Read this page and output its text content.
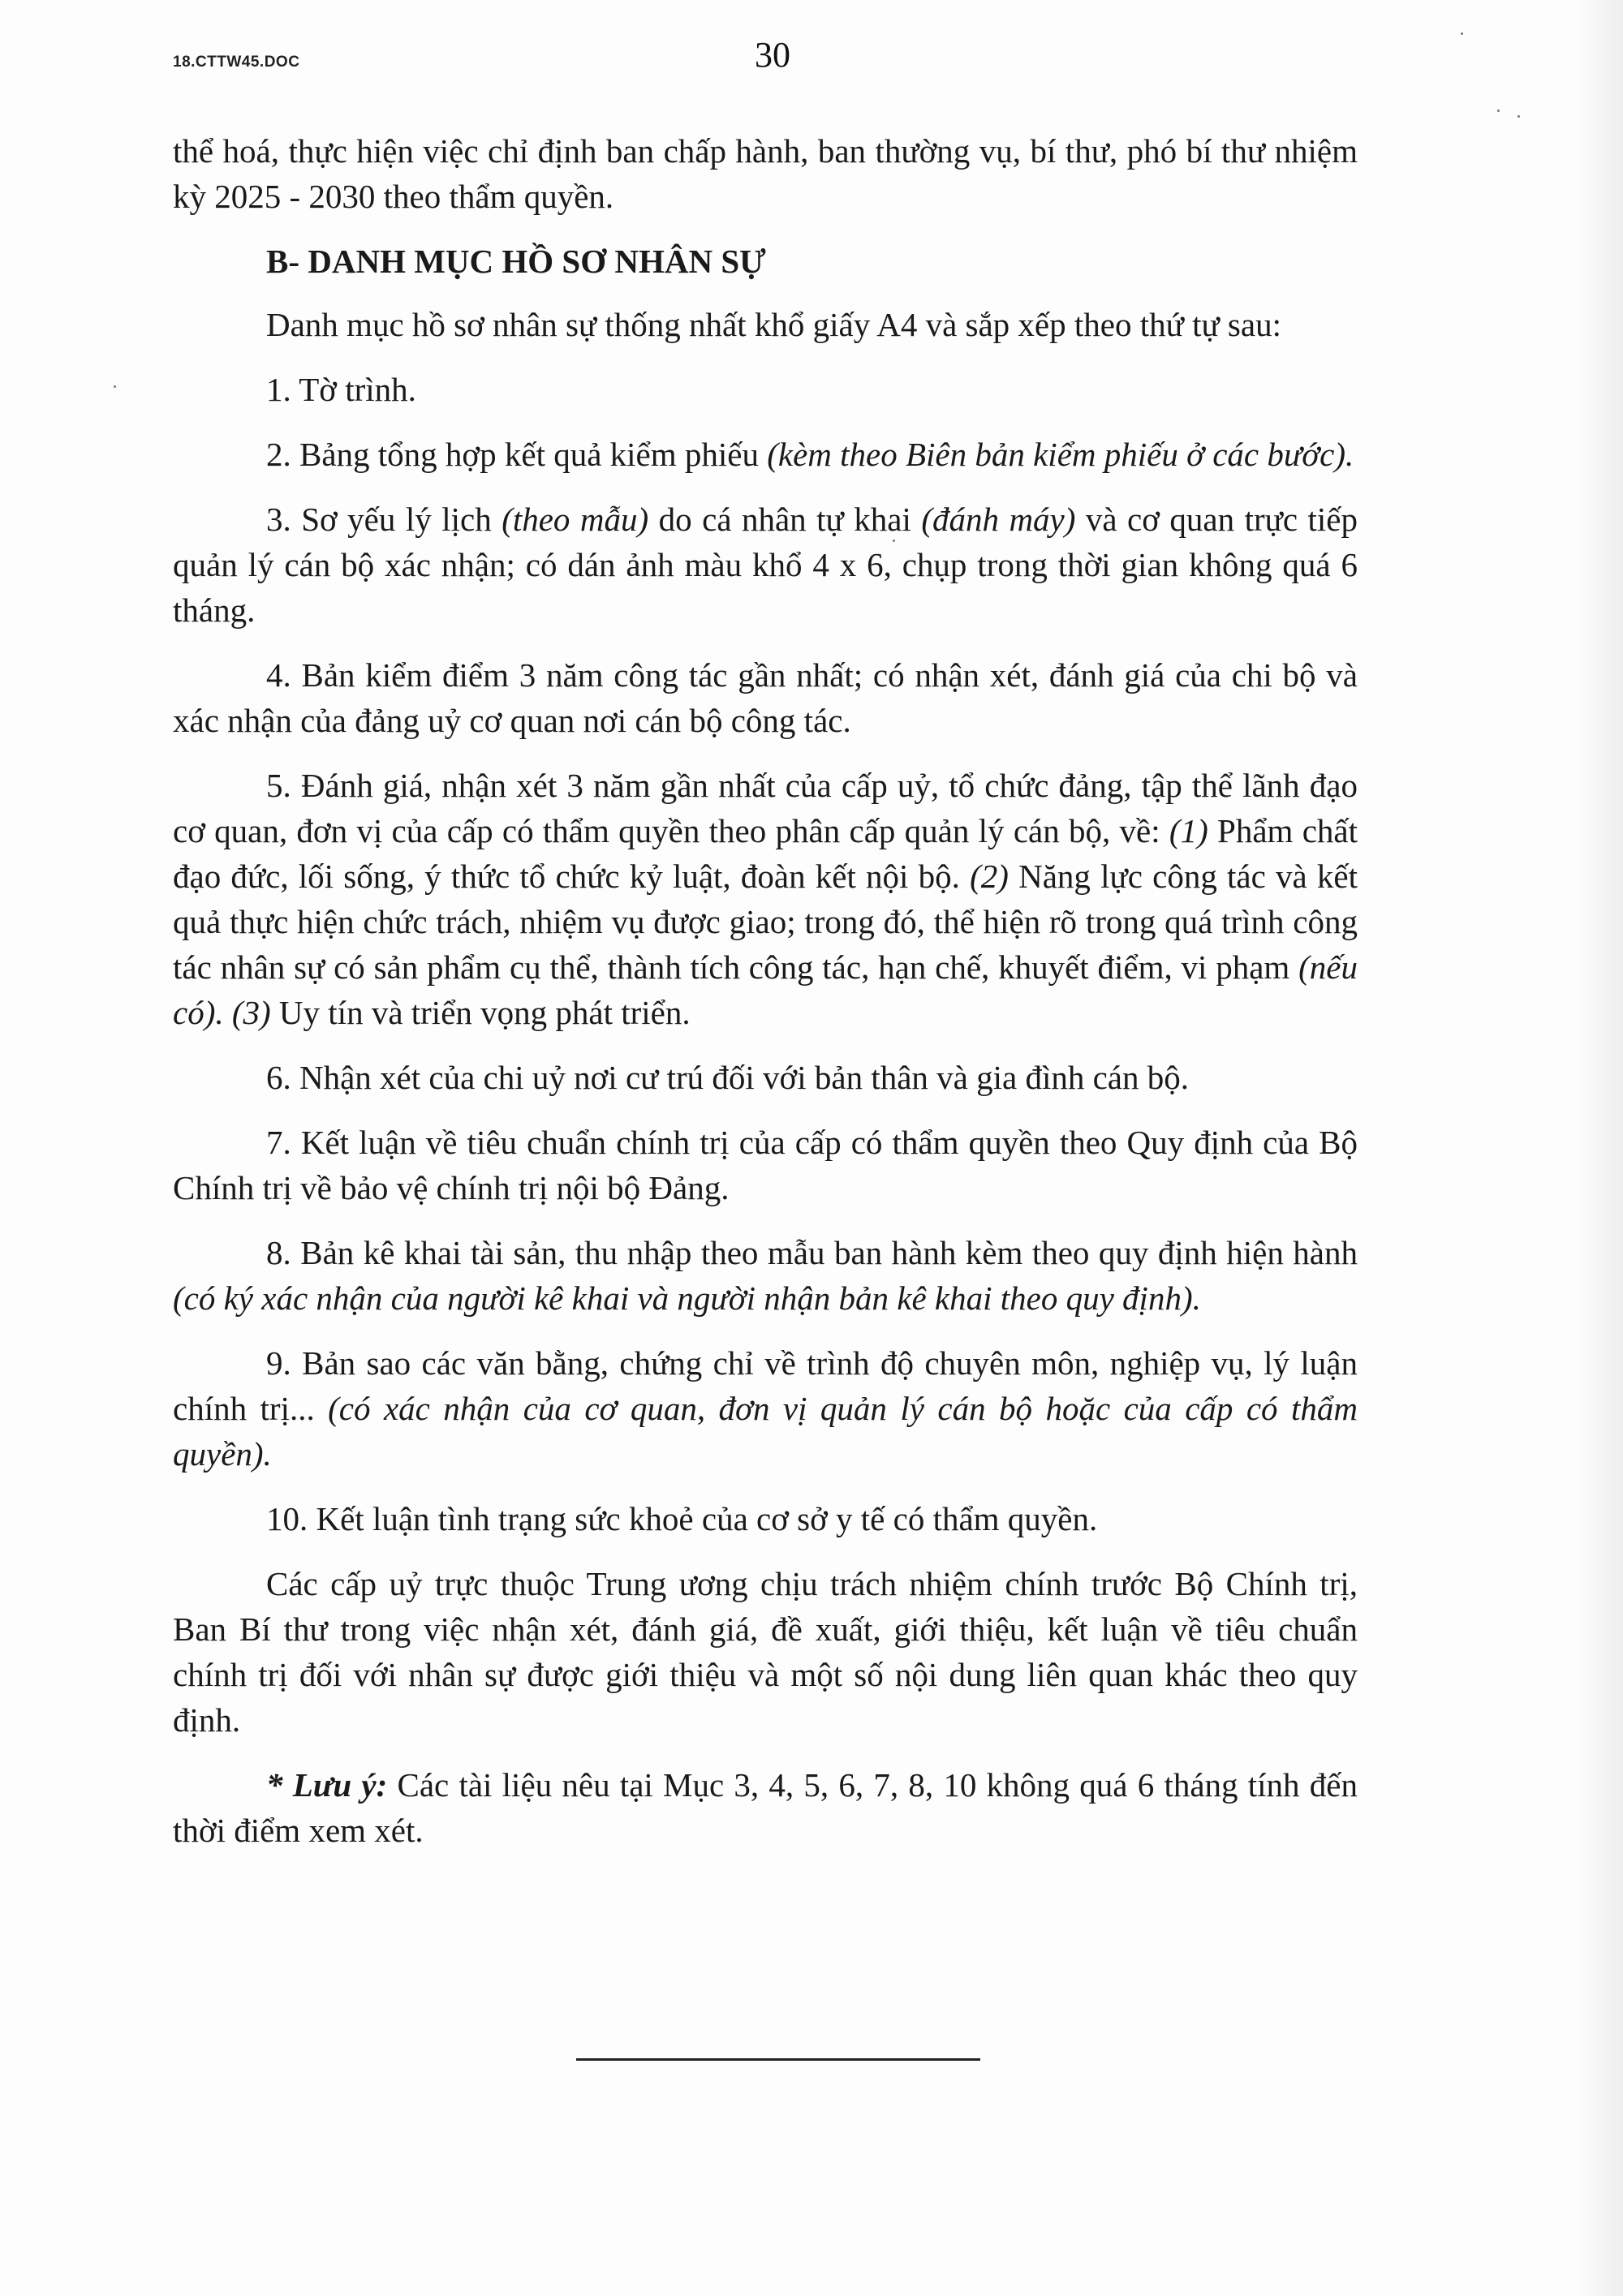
18.CTTW45.DOC	30

thể hoá, thực hiện việc chỉ định ban chấp hành, ban thường vụ, bí thư, phó bí thư nhiệm kỳ 2025 - 2030 theo thẩm quyền.

B- DANH MỤC HỒ SƠ NHÂN SỰ

Danh mục hồ sơ nhân sự thống nhất khổ giấy A4 và sắp xếp theo thứ tự sau:

1. Tờ trình.

2. Bảng tổng hợp kết quả kiểm phiếu (kèm theo Biên bản kiểm phiếu ở các bước).

3. Sơ yếu lý lịch (theo mẫu) do cá nhân tự khai (đánh máy) và cơ quan trực tiếp quản lý cán bộ xác nhận; có dán ảnh màu khổ 4 x 6, chụp trong thời gian không quá 6 tháng.

4. Bản kiểm điểm 3 năm công tác gần nhất; có nhận xét, đánh giá của chi bộ và xác nhận của đảng uỷ cơ quan nơi cán bộ công tác.

5. Đánh giá, nhận xét 3 năm gần nhất của cấp uỷ, tổ chức đảng, tập thể lãnh đạo cơ quan, đơn vị của cấp có thẩm quyền theo phân cấp quản lý cán bộ, về: (1) Phẩm chất đạo đức, lối sống, ý thức tổ chức kỷ luật, đoàn kết nội bộ. (2) Năng lực công tác và kết quả thực hiện chức trách, nhiệm vụ được giao; trong đó, thể hiện rõ trong quá trình công tác nhân sự có sản phẩm cụ thể, thành tích công tác, hạn chế, khuyết điểm, vi phạm (nếu có). (3) Uy tín và triển vọng phát triển.

6. Nhận xét của chi uỷ nơi cư trú đối với bản thân và gia đình cán bộ.

7. Kết luận về tiêu chuẩn chính trị của cấp có thẩm quyền theo Quy định của Bộ Chính trị về bảo vệ chính trị nội bộ Đảng.

8. Bản kê khai tài sản, thu nhập theo mẫu ban hành kèm theo quy định hiện hành (có ký xác nhận của người kê khai và người nhận bản kê khai theo quy định).

9. Bản sao các văn bằng, chứng chỉ về trình độ chuyên môn, nghiệp vụ, lý luận chính trị... (có xác nhận của cơ quan, đơn vị quản lý cán bộ hoặc của cấp có thẩm quyền).

10. Kết luận tình trạng sức khoẻ của cơ sở y tế có thẩm quyền.

Các cấp uỷ trực thuộc Trung ương chịu trách nhiệm chính trước Bộ Chính trị, Ban Bí thư trong việc nhận xét, đánh giá, đề xuất, giới thiệu, kết luận về tiêu chuẩn chính trị đối với nhân sự được giới thiệu và một số nội dung liên quan khác theo quy định.

* Lưu ý: Các tài liệu nêu tại Mục 3, 4, 5, 6, 7, 8, 10 không quá 6 tháng tính đến thời điểm xem xét.
